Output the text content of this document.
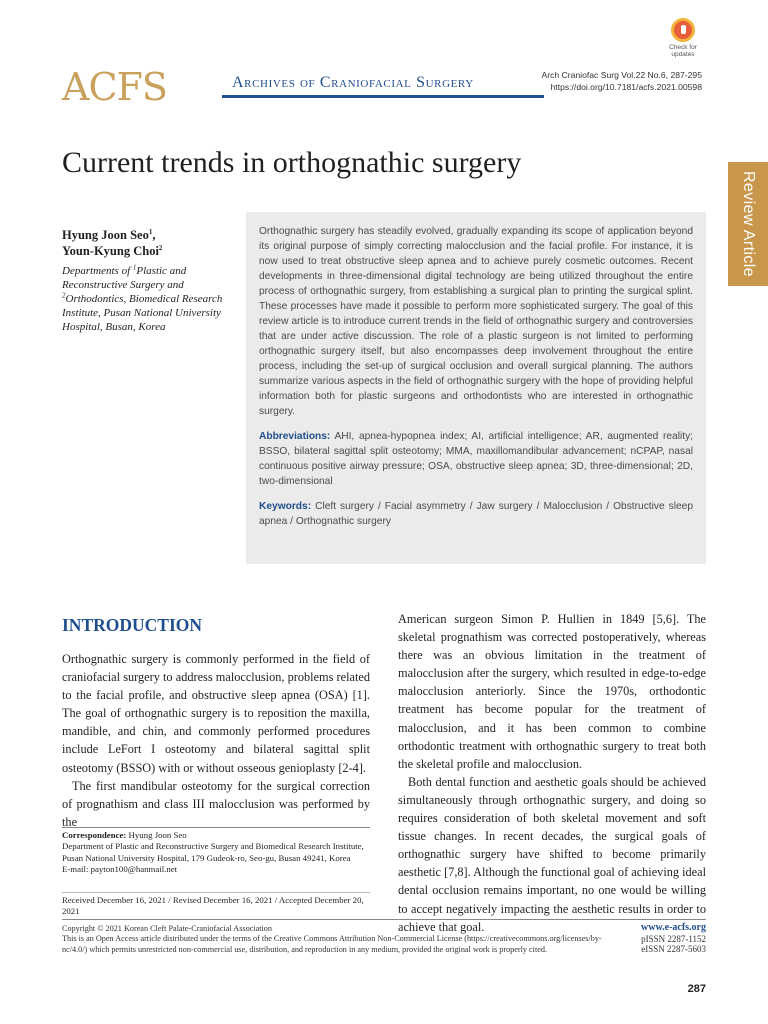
ACFS	Archives of Craniofacial Surgery	Arch Craniofac Surg Vol.22 No.6, 287-295
https://doi.org/10.7181/acfs.2021.00598
Check for
updates
Review Article
Current trends in orthognathic surgery
Hyung Joon Seo$^1$,
Youn-Kyung Choi$^2$
Departments of $^1$Plastic and
Reconstructive Surgery and
$^2$Orthodontics, Biomedical Research Institute, Pusan National University Hospital, Busan, Korea

Orthognathic surgery has steadily evolved, gradually expanding its scope of application beyond its original purpose of simply correcting malocclusion and the facial profile. For instance, it is now used to treat obstructive sleep apnea and to achieve purely cosmetic outcomes. Recent developments in three-dimensional digital technology are being utilized throughout the entire process of orthognathic surgery, from establishing a surgical plan to printing the surgical splint. These processes have made it possible to perform more sophisticated surgery. The goal of this review article is to introduce current trends in the field of orthognathic surgery and controversies that are under active discussion. The role of a plastic surgeon is not limited to performing orthognathic surgery itself, but also encompasses deep involvement throughout the entire process, including the set-up of surgical occlusion and overall surgical planning. The authors summarize various aspects in the field of orthognathic surgery with the hope of providing helpful information both for plastic surgeons and orthodontists who are interested in orthognathic surgery.

Abbreviations: AHI, apnea-hypopnea index; AI, artificial intelligence; AR, augmented reality; BSSO, bilateral sagittal split osteotomy; MMA, maxillomandibular advancement; nCPAP, nasal continuous positive airway pressure; OSA, obstructive sleep apnea; 3D, three-dimensional; 2D, two-dimensional

Keywords: Cleft surgery / Facial asymmetry / Jaw surgery / Malocclusion / Obstructive sleep apnea / Orthognathic surgery

INTRODUCTION

Orthognathic surgery is commonly performed in the field of craniofacial surgery to address malocclusion, problems related to the facial profile, and obstructive sleep apnea (OSA) [1]. The goal of orthognathic surgery is to reposition the maxilla, mandible, and chin, and commonly performed procedures include LeFort I osteotomy and bilateral sagittal split osteotomy (BSSO) with or without osseous genioplasty [2-4].

The first mandibular osteotomy for the surgical correction of prognathism and class III malocclusion was performed by the

American surgeon Simon P. Hullien in 1849 [5,6]. The skeletal prognathism was corrected postoperatively, whereas there was an obvious limitation in the treatment of malocclusion after the surgery, which resulted in edge-to-edge malocclusion anteriorly. Since the 1970s, orthodontic treatment has become popular for the treatment of malocclusion, and it has been common to combine orthodontic treatment with orthognathic surgery to treat both the skeletal profile and malocclusion.

Both dental function and aesthetic goals should be achieved simultaneously through orthognathic surgery, and doing so requires consideration of both skeletal movement and soft tissue changes. In recent decades, the surgical goals of orthognathic surgery have shifted to become primarily aesthetic [7,8]. Although the functional goal of achieving ideal dental occlusion remains important, no one would be willing to accept negatively impacting the aesthetic results in order to achieve that goal.

Correspondence: Hyung Joon Seo
Department of Plastic and Reconstructive Surgery and Biomedical Research Institute, Pusan National University Hospital, 179 Gudeok-ro, Seo-gu, Busan 49241, Korea
E-mail: payton100@hanmail.net
Received December 16, 2021 / Revised December 16, 2021 / Accepted December 20, 2021
Copyright © 2021 Korean Cleft Palate-Craniofacial Association
This is an Open Access article distributed under the terms of the Creative Commons Attribution Non-Commercial License (https://creativecommons.org/licenses/by-nc/4.0/) which permits unrestricted non-commercial use, distribution, and reproduction in any medium, provided the original work is properly cited.
www.e-acfs.org
pISSN 2287-1152
eISSN 2287-5603
287
